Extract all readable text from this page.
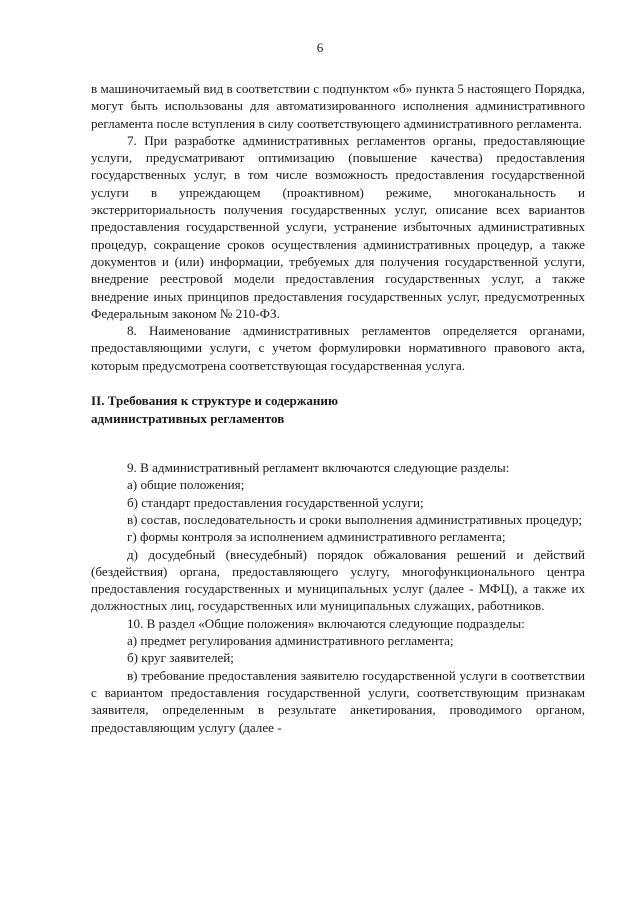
6

в машиночитаемый вид в соответствии с подпунктом «б» пункта 5 настоящего Порядка, могут быть использованы для автоматизированного исполнения административного регламента после вступления в силу соответствующего административного регламента.

7. При разработке административных регламентов органы, предоставляющие услуги, предусматривают оптимизацию (повышение качества) предоставления государственных услуг, в том числе возможность предоставления государственной услуги в упреждающем (проактивном) режиме, многоканальность и экстерриториальность получения государственных услуг, описание всех вариантов предоставления государственной услуги, устранение избыточных административных процедур, сокращение сроков осуществления административных процедур, а также документов и (или) информации, требуемых для получения государственной услуги, внедрение реестровой модели предоставления государственных услуг, а также внедрение иных принципов предоставления государственных услуг, предусмотренных Федеральным законом № 210-ФЗ.

8. Наименование административных регламентов определяется органами, предоставляющими услуги, с учетом формулировки нормативного правового акта, которым предусмотрена соответствующая государственная услуга.

II. Требования к структуре и содержанию
административных регламентов

9. В административный регламент включаются следующие разделы:

а) общие положения;

б) стандарт предоставления государственной услуги;

в) состав, последовательность и сроки выполнения административных процедур;

г) формы контроля за исполнением административного регламента;

д) досудебный (внесудебный) порядок обжалования решений и действий (бездействия) органа, предоставляющего услугу, многофункционального центра предоставления государственных и муниципальных услуг (далее - МФЦ), а также их должностных лиц, государственных или муниципальных служащих, работников.

10. В раздел «Общие положения» включаются следующие подразделы:

а) предмет регулирования административного регламента;

б) круг заявителей;

в) требование предоставления заявителю государственной услуги в соответствии с вариантом предоставления государственной услуги, соответствующим признакам заявителя, определенным в результате анкетирования, проводимого органом, предоставляющим услугу (далее -
